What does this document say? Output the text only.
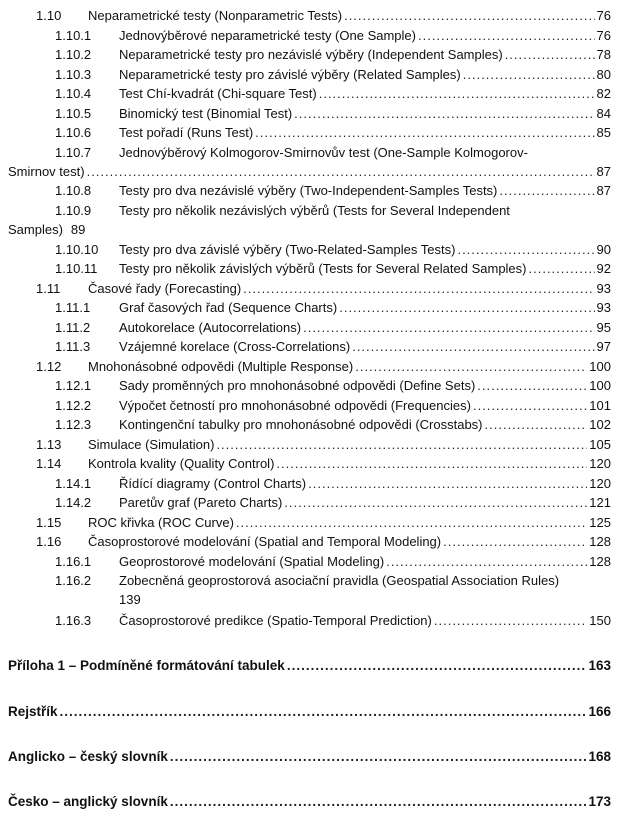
1.10 Neparametrické testy (Nonparametric Tests) .....	76
1.10.1 Jednovýběrové neparametrické testy (One Sample) .....	76
1.10.2 Neparametrické testy pro nezávislé výběry (Independent Samples) .....	78
1.10.3 Neparametrické testy pro závislé výběry (Related Samples) .....	80
1.10.4 Test Chí-kvadrát (Chi-square Test) .....	82
1.10.5 Binomický test (Binomial Test) .....	84
1.10.6 Test pořadí (Runs Test) .....	85
1.10.7 Jednovýběrový Kolmogorov-Smirnovův test (One-Sample Kolmogorov-
Smirnov test) .....	87
1.10.8 Testy pro dva nezávislé výběry (Two-Independent-Samples Tests) .....	87
1.10.9 Testy pro několik nezávislých výběrů (Tests for Several Independent
Samples) 89
1.10.10 Testy pro dva závislé výběry (Two-Related-Samples Tests) .....	90
1.10.11 Testy pro několik závislých výběrů (Tests for Several Related Samples) .....	92
1.11 Časové řady (Forecasting) .....	93
1.11.1 Graf časových řad (Sequence Charts) .....	93
1.11.2 Autokorelace (Autocorrelations) .....	95
1.11.3 Vzájemné korelace (Cross-Correlations) .....	97
1.12 Mnohonásobné odpovědi (Multiple Response) .....	100
1.12.1 Sady proměnných pro mnohonásobné odpovědi (Define Sets) .....	100
1.12.2 Výpočet četností pro mnohonásobné odpovědi (Frequencies) .....	101
1.12.3 Kontingenční tabulky pro mnohonásobné odpovědi (Crosstabs) .....	102
1.13 Simulace (Simulation) .....	105
1.14 Kontrola kvality (Quality Control) .....	120
1.14.1 Řídící diagramy (Control Charts) .....	120
1.14.2 Paretův graf (Pareto Charts) .....	121
1.15 ROC křivka (ROC Curve) .....	125
1.16 Časoprostorové modelování (Spatial and Temporal Modeling) .....	128
1.16.1 Geoprostorové modelování (Spatial Modeling) .....	128
1.16.2 Zobecněná geoprostorová asociační pravidla (Geospatial Association Rules)
139
1.16.3 Časoprostorové predikce (Spatio-Temporal Prediction) .....	150
Příloha 1 – Podmíněné formátování tabulek .....	163
Rejstřík .....	166
Anglicko – český slovník .....	168
Česko – anglický slovník .....	173
